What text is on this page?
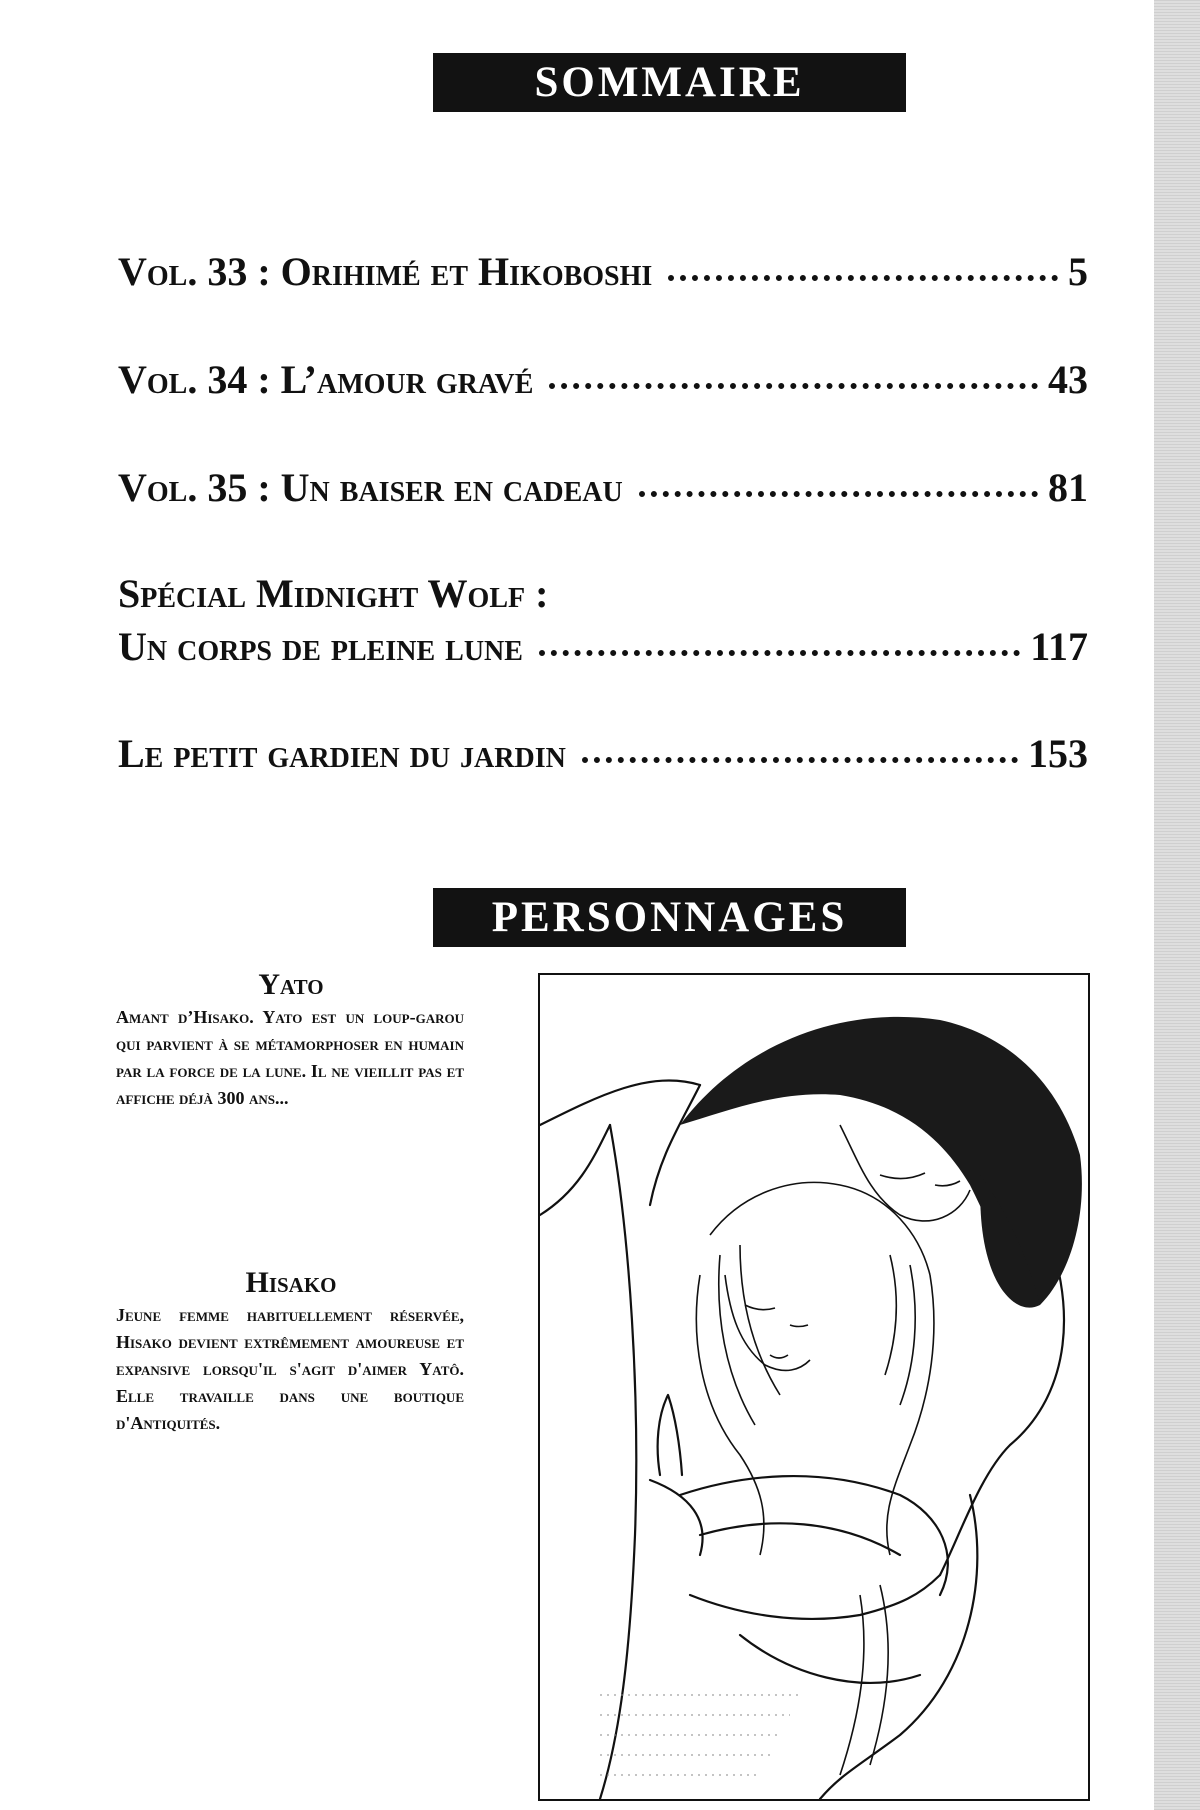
SOMMAIRE
Vol. 33 : Orihimé et Hikoboshi	5
Vol. 34 : L’amour gravé	43
Vol. 35 : Un baiser en cadeau	81
Spécial Midnight Wolf :
Un corps de pleine lune	117
Le petit gardien du jardin	153
PERSONNAGES
Yato
Amant d’Hisako. Yato est un loup-garou qui parvient à se métamorphoser en humain par la force de la lune. Il ne vieillit pas et affiche déjà 300 ans...
Hisako
Jeune femme habituellement réservée, Hisako devient extrêmement amoureuse et expansive lorsqu'il s'agit d'aimer Yatô. Elle travaille dans une boutique d'Antiquités.
